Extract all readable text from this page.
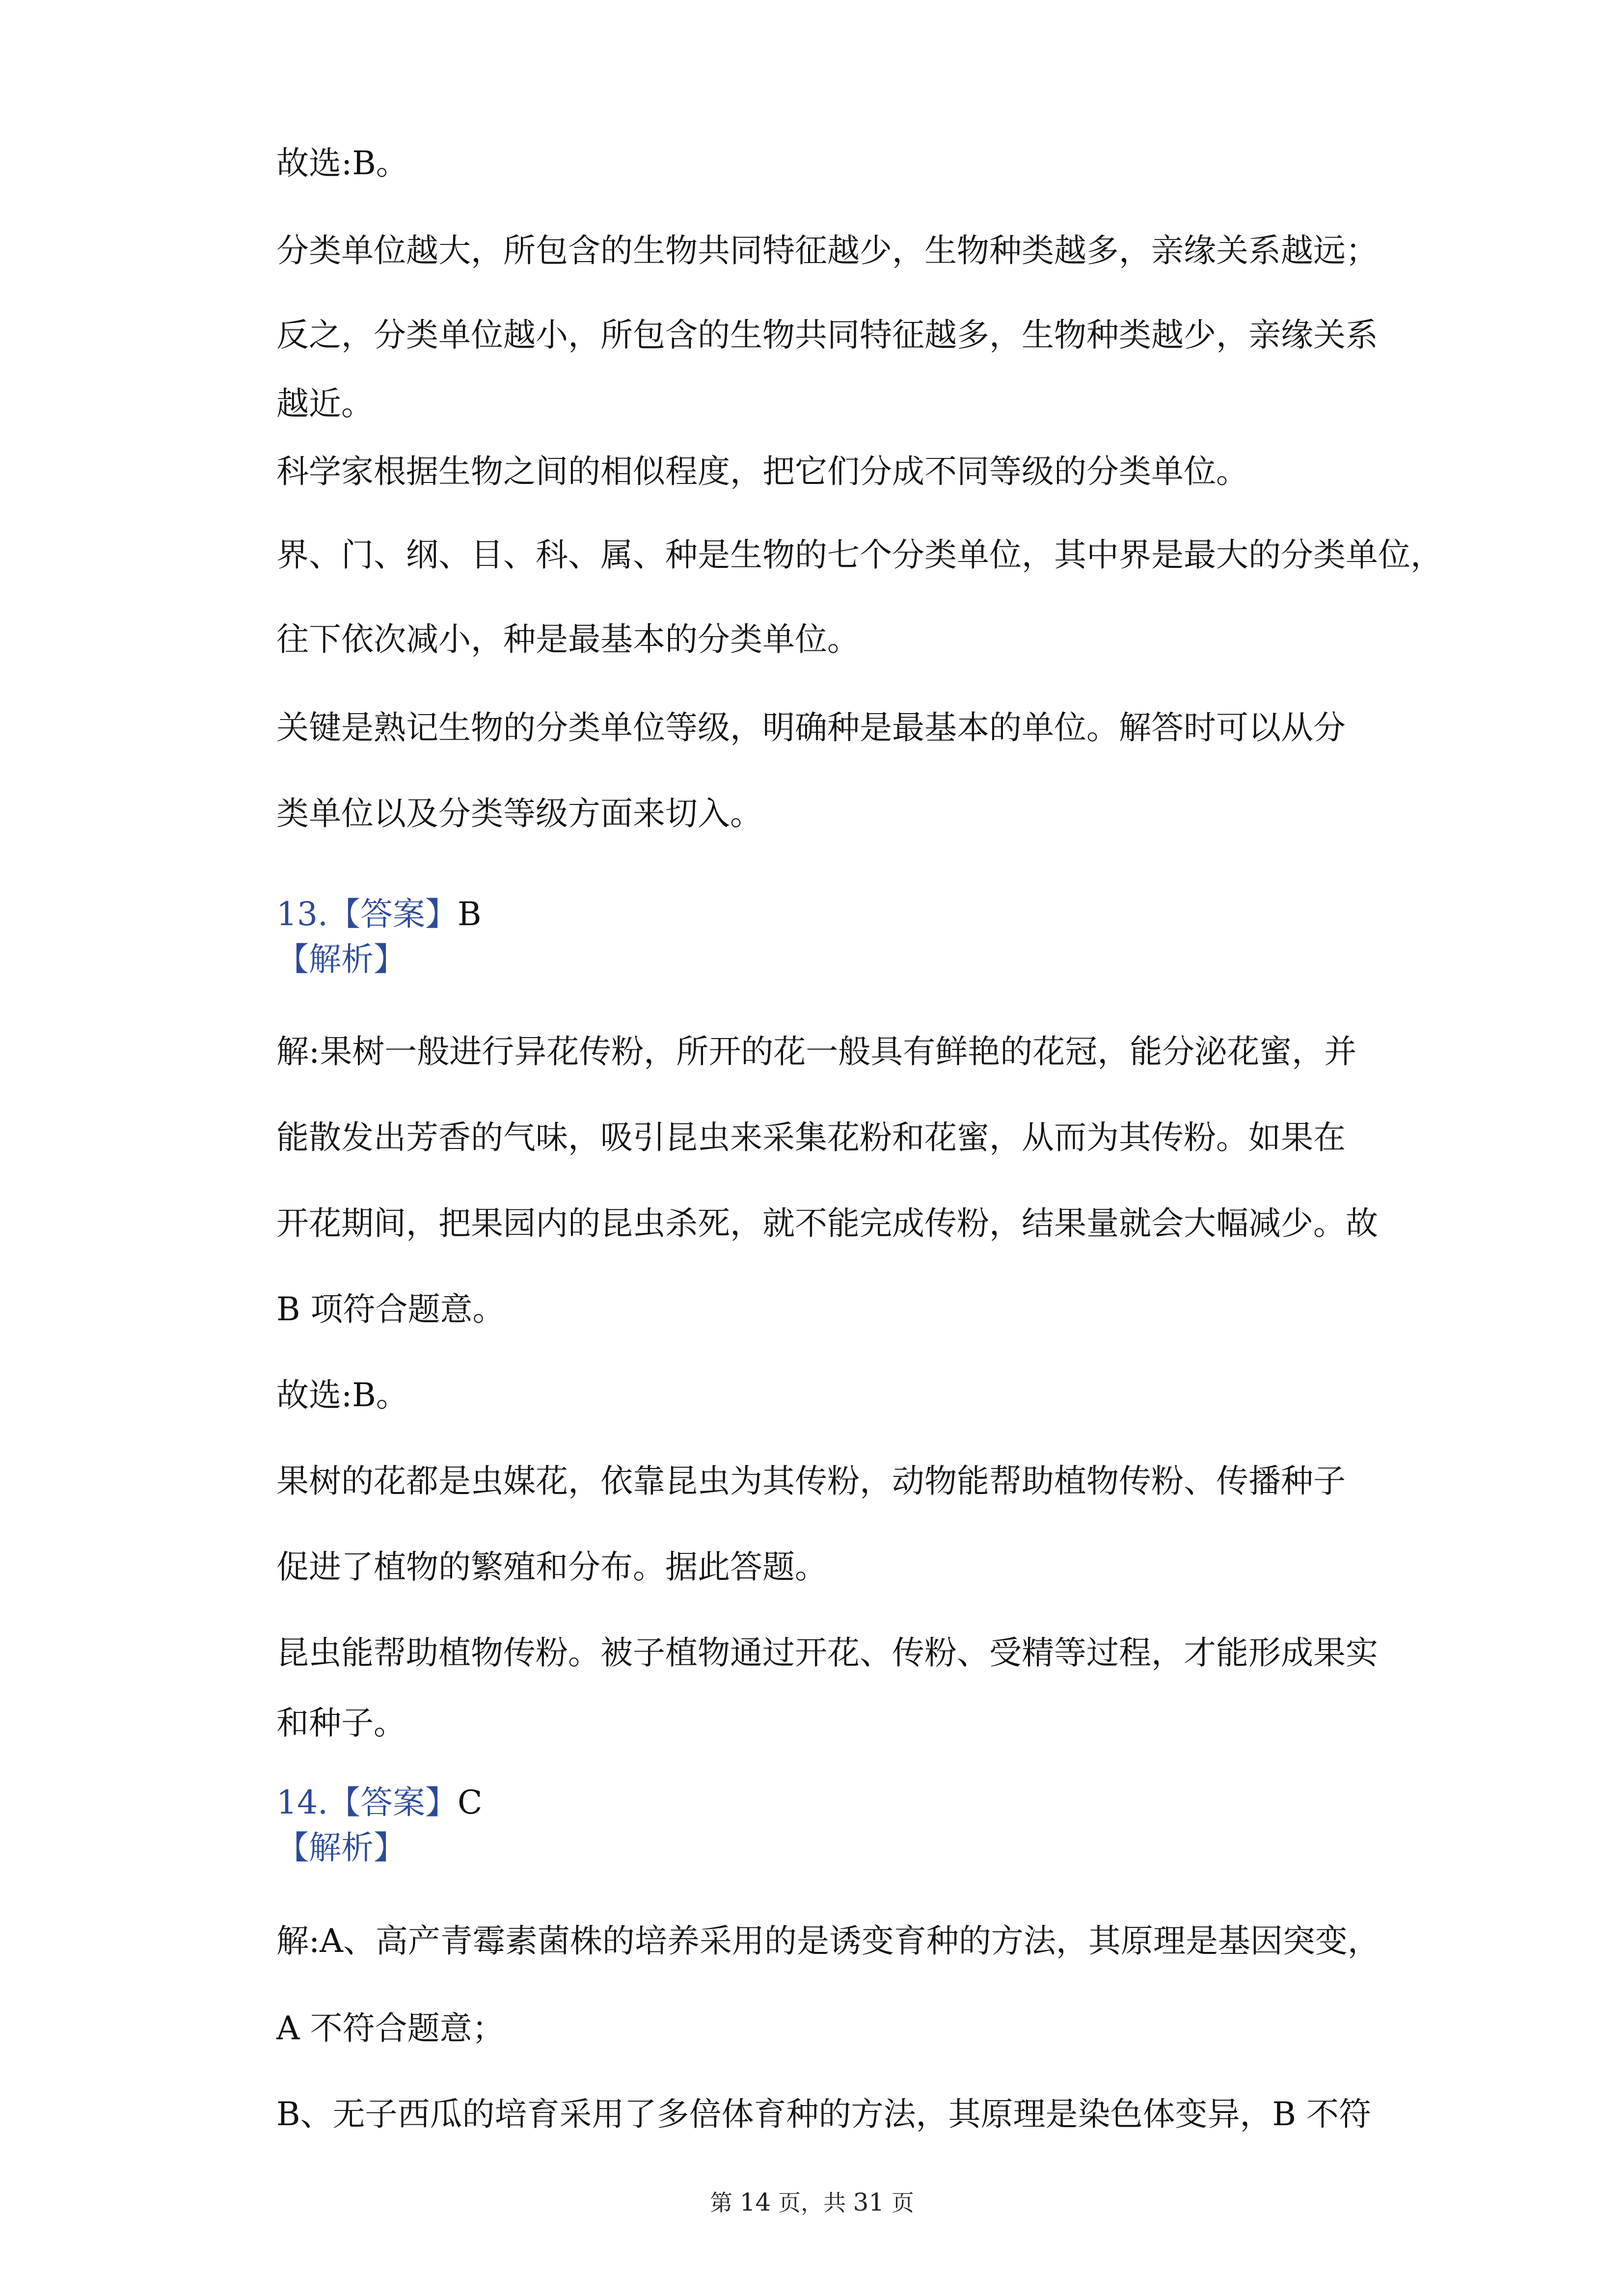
故选:B。
分类单位越大，所包含的生物共同特征越少，生物种类越多，亲缘关系越远；
反之，分类单位越小，所包含的生物共同特征越多，生物种类越少，亲缘关系
越近。
科学家根据生物之间的相似程度，把它们分成不同等级的分类单位。
界、门、纲、目、科、属、种是生物的七个分类单位，其中界是最大的分类单位，
往下依次减小，种是最基本的分类单位。
关键是熟记生物的分类单位等级，明确种是最基本的单位。解答时可以从分
类单位以及分类等级方面来切入。
13.【答案】B
【解析】
解:果树一般进行异花传粉，所开的花一般具有鲜艳的花冠，能分泌花蜜，并
能散发出芳香的气味，吸引昆虫来采集花粉和花蜜，从而为其传粉。如果在
开花期间，把果园内的昆虫杀死，就不能完成传粉，结果量就会大幅减少。故
B 项符合题意。
故选:B。
果树的花都是虫媒花，依靠昆虫为其传粉，动物能帮助植物传粉、传播种子
促进了植物的繁殖和分布。据此答题。
昆虫能帮助植物传粉。被子植物通过开花、传粉、受精等过程，才能形成果实
和种子。
14.【答案】C
【解析】
解:A、高产青霉素菌株的培养采用的是诱变育种的方法，其原理是基因突变，
A 不符合题意；
B、无子西瓜的培育采用了多倍体育种的方法，其原理是染色体变异，B 不符
第 14 页，共 31 页
